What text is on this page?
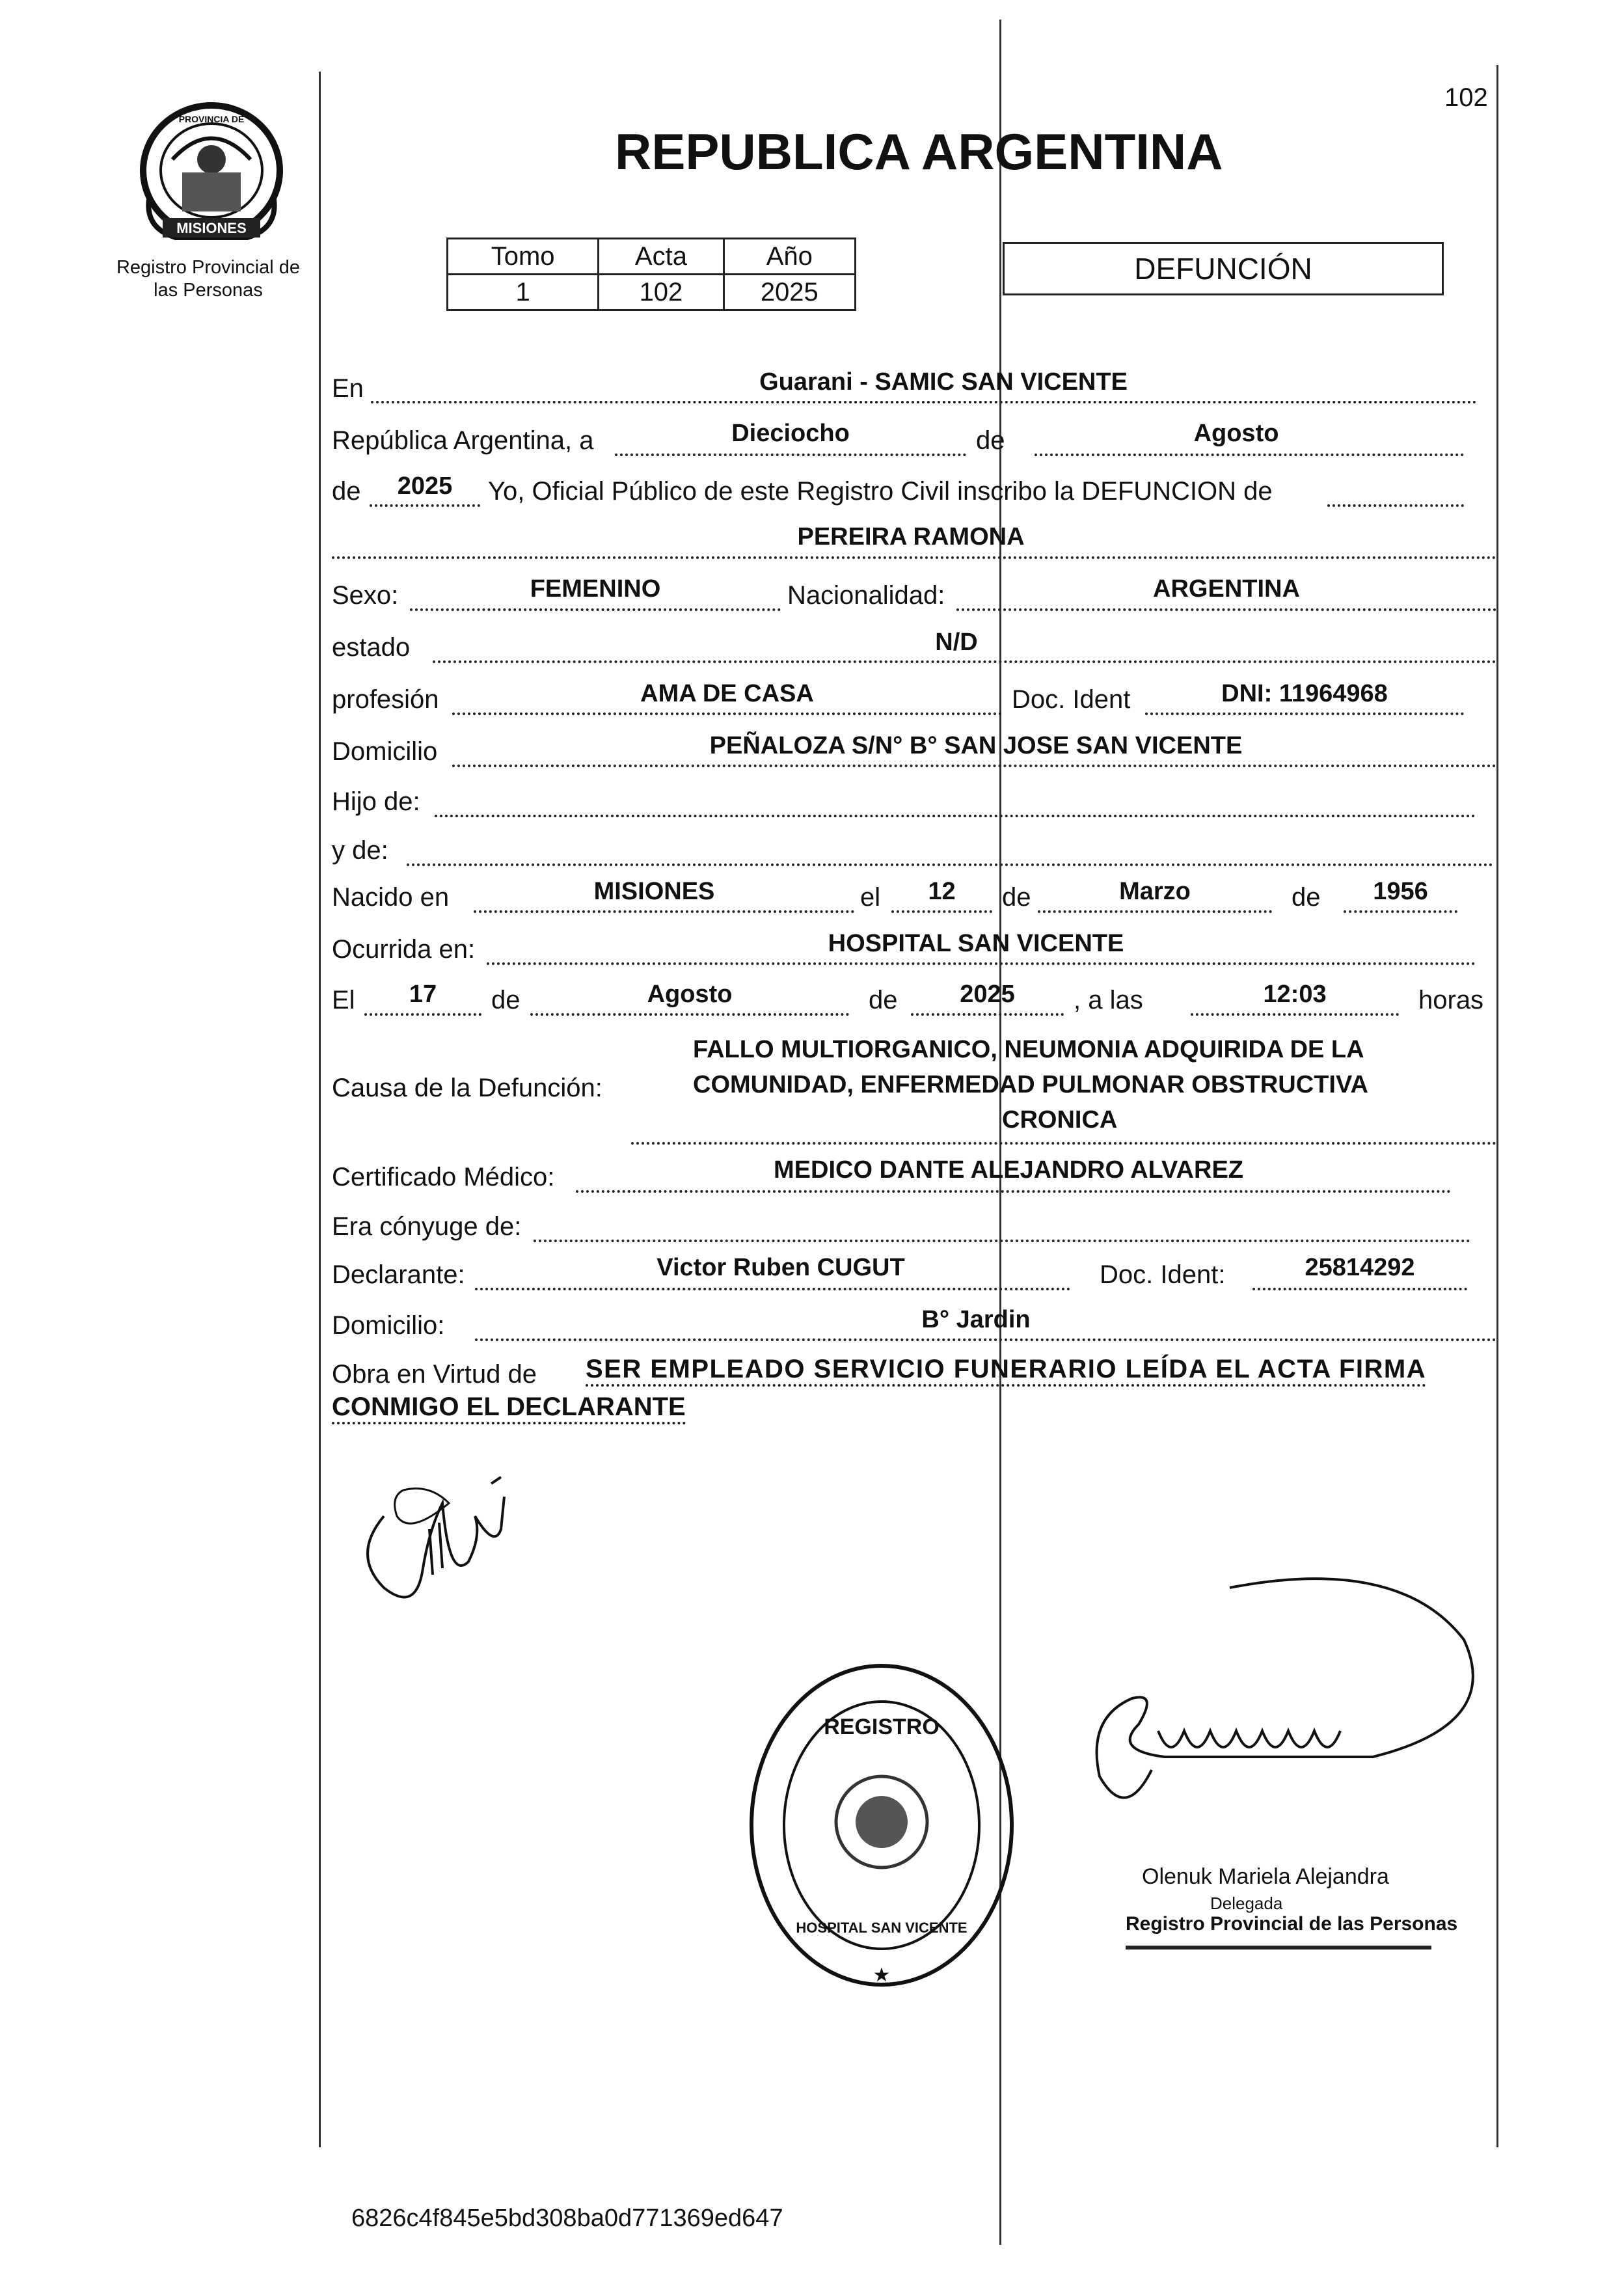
102
MISIONES
PROVINCIA DE
Registro Provincial de
las Personas
REPUBLICA ARGENTINA
Tomo	Acta	Año
1	102	2025
DEFUNCIÓN
En	Guarani - SAMIC SAN VICENTE
República Argentina, a	Dieciocho	de	Agosto
de	2025	Yo, Oficial Público de este Registro Civil inscribo la DEFUNCION de
PEREIRA RAMONA
Sexo:	FEMENINO	Nacionalidad:	ARGENTINA
estado	N/D
profesión	AMA DE CASA	Doc. Ident	DNI: 11964968
Domicilio	PEÑALOZA S/N° B° SAN JOSE SAN VICENTE
Hijo de:
y de:
Nacido en	MISIONES	el	12	de	Marzo	de	1956
Ocurrida en:	HOSPITAL SAN VICENTE
El	17	de	Agosto	de	2025	, a las	12:03	horas
Causa de la Defunción:
FALLO MULTIORGANICO, NEUMONIA ADQUIRIDA DE LA
COMUNIDAD, ENFERMEDAD PULMONAR OBSTRUCTIVA
CRONICA
Certificado Médico:	MEDICO DANTE ALEJANDRO ALVAREZ
Era cónyuge de:
Declarante:	Victor Ruben CUGUT	Doc. Ident:	25814292
Domicilio:	B° Jardin
Obra en Virtud de SER EMPLEADO SERVICIO FUNERARIO LEÍDA EL ACTA FIRMA
CONMIGO EL DECLARANTE
REGISTRO
★
HOSPITAL SAN VICENTE
Olenuk Mariela Alejandra
Delegada
Registro Provincial de las Personas
6826c4f845e5bd308ba0d771369ed647
